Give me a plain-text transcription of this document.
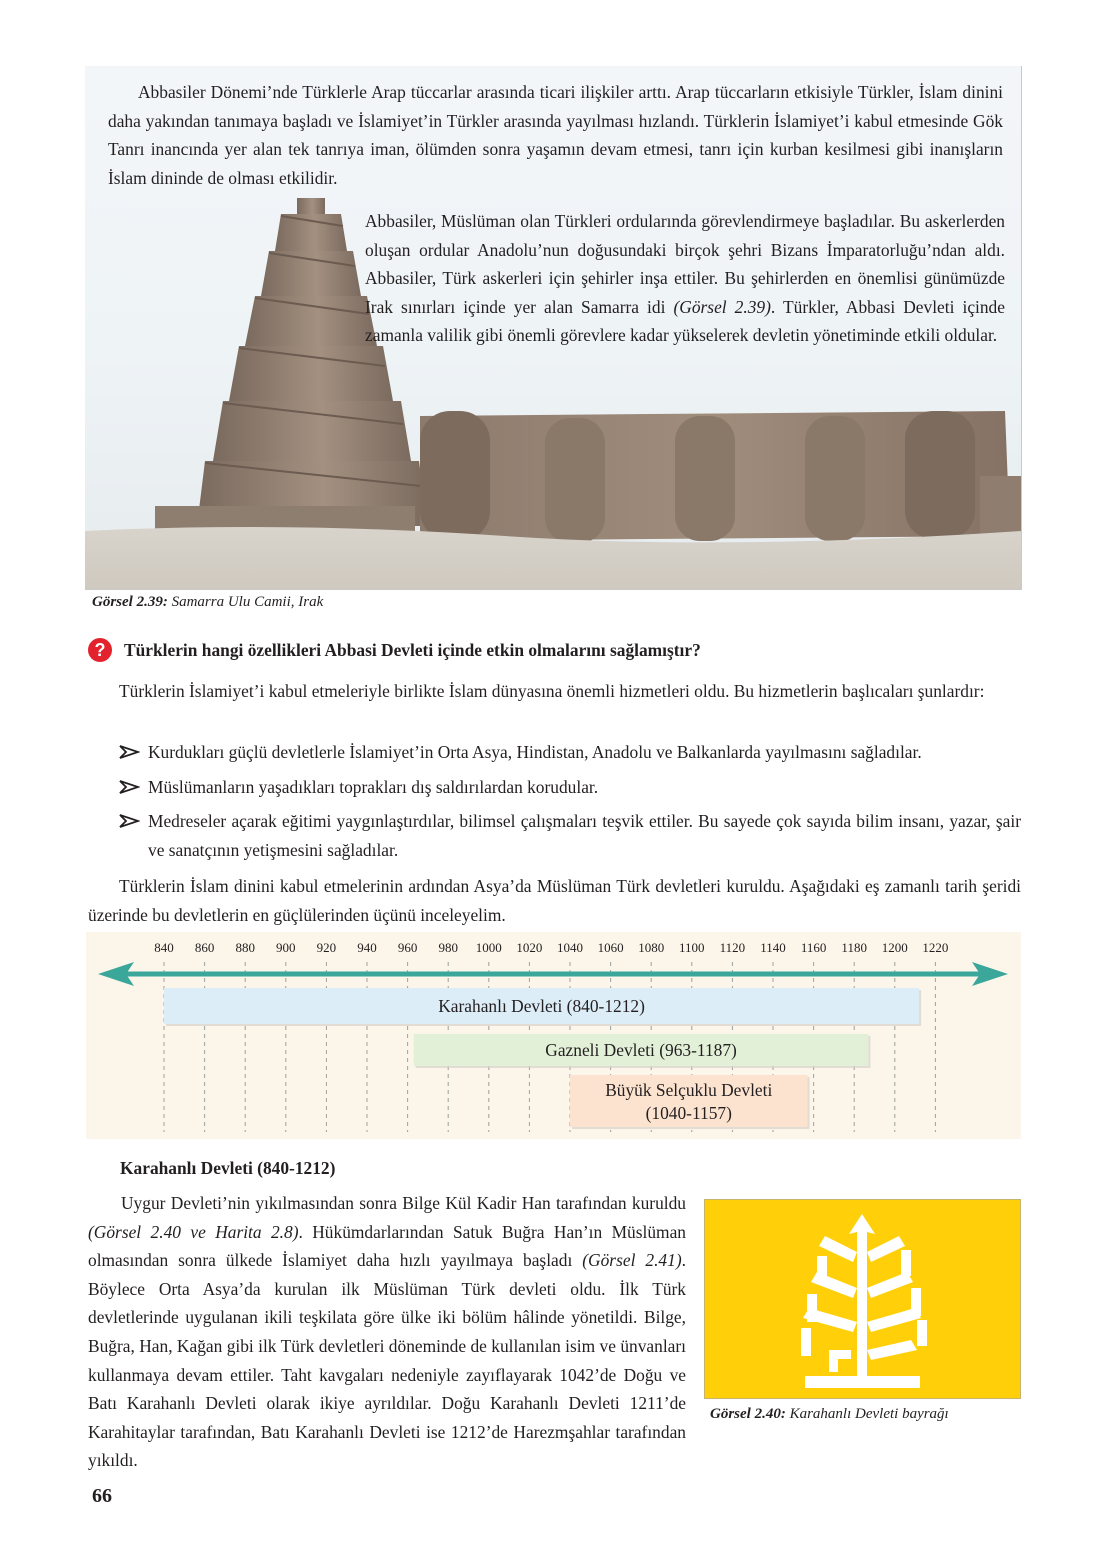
Abbasiler Dönemi’nde Türklerle Arap tüccarlar arasında ticari ilişkiler arttı. Arap tüccarların etkisiyle Türkler, İslam dinini daha yakından tanımaya başladı ve İslamiyet’in Türkler arasında yayılması hızlandı. Türklerin İslamiyet’i kabul etmesinde Gök Tanrı inancında yer alan tek tanrıya iman, ölümden sonra yaşamın devam etmesi, tanrı için kurban kesilmesi gibi inanışların İslam dininde de olması etkilidir.

Abbasiler, Müslüman olan Türkleri ordularında görevlendirmeye başladılar. Bu askerlerden oluşan ordular Anadolu’nun doğusundaki birçok şehri Bizans İmparatorluğu’ndan aldı. Abbasiler, Türk askerleri için şehirler inşa ettiler. Bu şehirlerden en önemlisi günümüzde Irak sınırları içinde yer alan Samarra idi (Görsel 2.39). Türkler, Abbasi Devleti içinde zamanla valilik gibi önemli görevlere kadar yükselerek devletin yönetiminde etkili oldular.

Görsel 2.39: Samarra Ulu Camii, Irak
?	Türklerin hangi özellikleri Abbasi Devleti içinde etkin olmalarını sağlamıştır?

Türklerin İslamiyet’i kabul etmeleriyle birlikte İslam dünyasına önemli hizmetleri oldu. Bu hizmetlerin başlıcaları şunlardır:

Kurdukları güçlü devletlerle İslamiyet’in Orta Asya, Hindistan, Anadolu ve Balkanlarda yayılmasını sağladılar.
Müslümanların yaşadıkları toprakları dış saldırılardan korudular.
Medreseler açarak eğitimi yaygınlaştırdılar, bilimsel çalışmaları teşvik ettiler. Bu sayede çok sayıda bilim insanı, yazar, şair ve sanatçının yetişmesini sağladılar.

Türklerin İslam dinini kabul etmelerinin ardından Asya’da Müslüman Türk devletleri kuruldu. Aşağıdaki eş zamanlı tarih şeridi üzerinde bu devletlerin en güçlülerinden üçünü inceleyelim.

840 860 880 900 920 940 960 980 1000 1020 1040 1060 1080 1100 1120 1140 1160 1180 1200 1220
Karahanlı Devleti (840-1212)
Gazneli Devleti (963-1187)
Büyük Selçuklu Devleti
(1040-1157)
Karahanlı Devleti (840-1212)

Uygur Devleti’nin yıkılmasından sonra Bilge Kül Kadir Han tarafından kuruldu (Görsel 2.40 ve Harita 2.8). Hükümdarlarından Satuk Buğra Han’ın Müslüman olmasından sonra ülkede İslamiyet daha hızlı yayılmaya başladı (Görsel 2.41). Böylece Orta Asya’da kurulan ilk Müslüman Türk devleti oldu. İlk Türk devletlerinde uygulanan ikili teşkilata göre ülke iki bölüm hâlinde yönetildi. Bilge, Buğra, Han, Kağan gibi ilk Türk devletleri döneminde de kullanılan isim ve ünvanları kullanmaya devam ettiler. Taht kavgaları nedeniyle zayıflayarak 1042’de Doğu ve Batı Karahanlı Devleti olarak ikiye ayrıldılar. Doğu Karahanlı Devleti 1211’de Karahitaylar tarafından, Batı Karahanlı Devleti ise 1212’de Harezmşahlar tarafından yıkıldı.

Görsel 2.40: Karahanlı Devleti bayrağı
66
